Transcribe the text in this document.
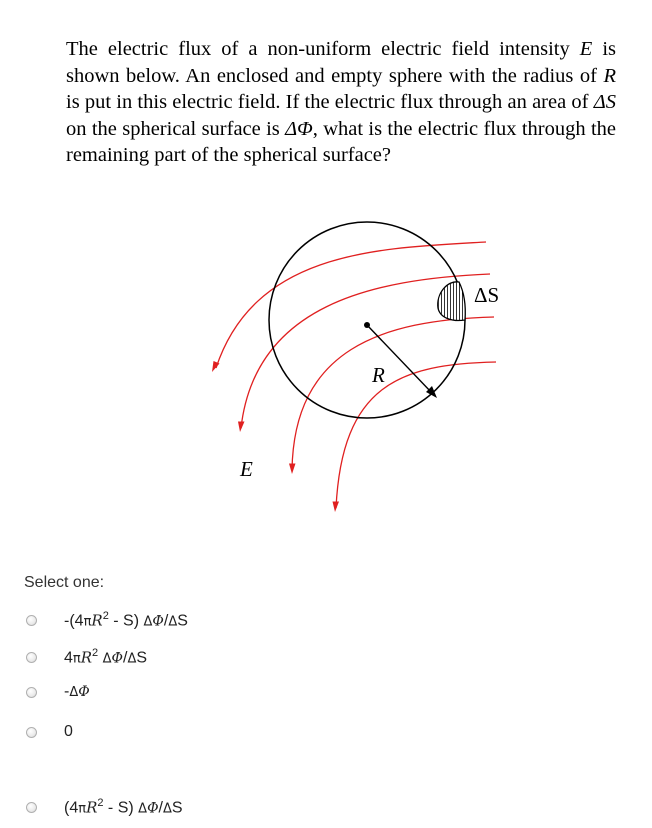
The electric flux of a non-uniform electric field intensity E is shown below. An enclosed and empty sphere with the radius of R is put in this electric field. If the electric flux through an area of ΔS on the spherical surface is ΔΦ, what is the electric flux through the remaining part of the spherical surface?

ΔS
R
E
Select one:
$-(4\pi R^2 - S)$ ΔΦ/ΔS
$4\pi R^2$ ΔΦ/ΔS
-ΔΦ
0
$(4\pi R^2 - S)$ ΔΦ/ΔS
